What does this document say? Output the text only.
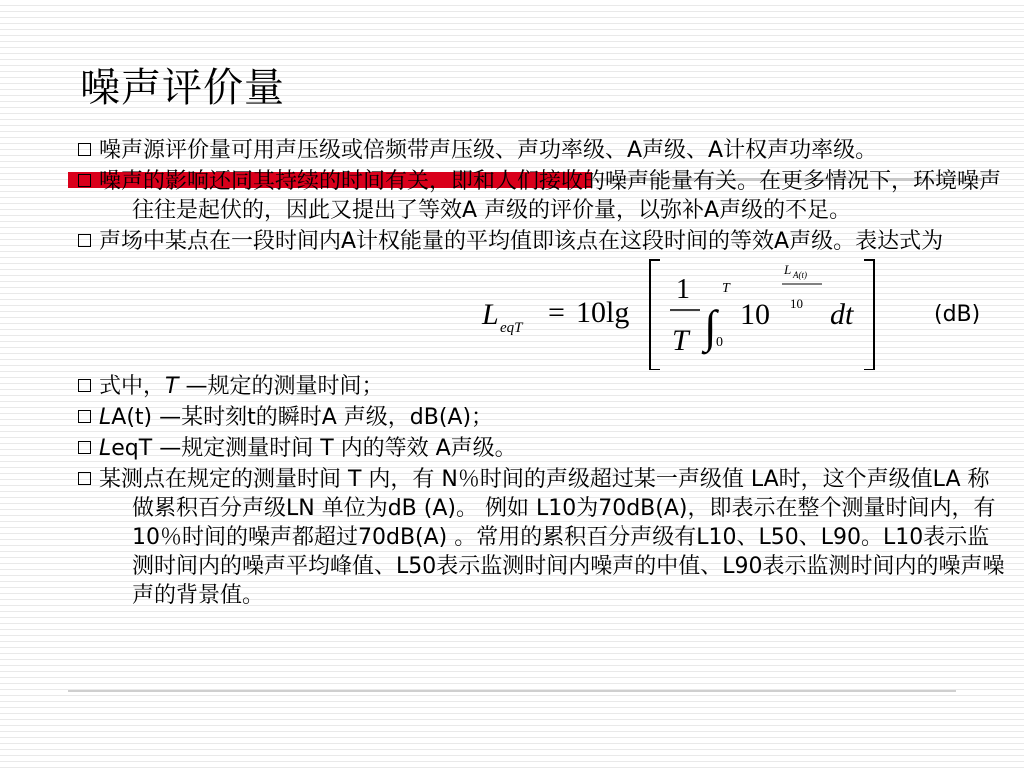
噪声评价量

噪声源评价量可用声压级或倍频带声压级、声功率级、A声级、A计权声功率级。

噪声的影响还同其持续的时间有关，即和人们接收的噪声能量有关。在更多情况下，环境噪声往往是起伏的，因此又提出了等效A 声级的评价量，以弥补A声级的不足。

声场中某点在一段时间内A计权能量的平均值即该点在这段时间的等效A声级。表达式为

L eqT = 10lg
1
T ∫
T
0
10
L A(t)
10 dt	(dB)

式中，T —规定的测量时间；

LA(t) —某时刻t的瞬时A 声级，dB(A)；

LeqT —规定测量时间 T 内的等效 A声级。

某测点在规定的测量时间 T 内，有 N％时间的声级超过某一声级值 LA时，这个声级值LA 称做累积百分声级LN 单位为dB (A)。 例如 L10为70dB(A)，即表示在整个测量时间内，有10％时间的噪声都超过70dB(A) 。常用的累积百分声级有L10、L50、L90。L10表示监测时间内的噪声平均峰值、L50表示监测时间内噪声的中值、L90表示监测时间内的噪声噪声的背景值。
